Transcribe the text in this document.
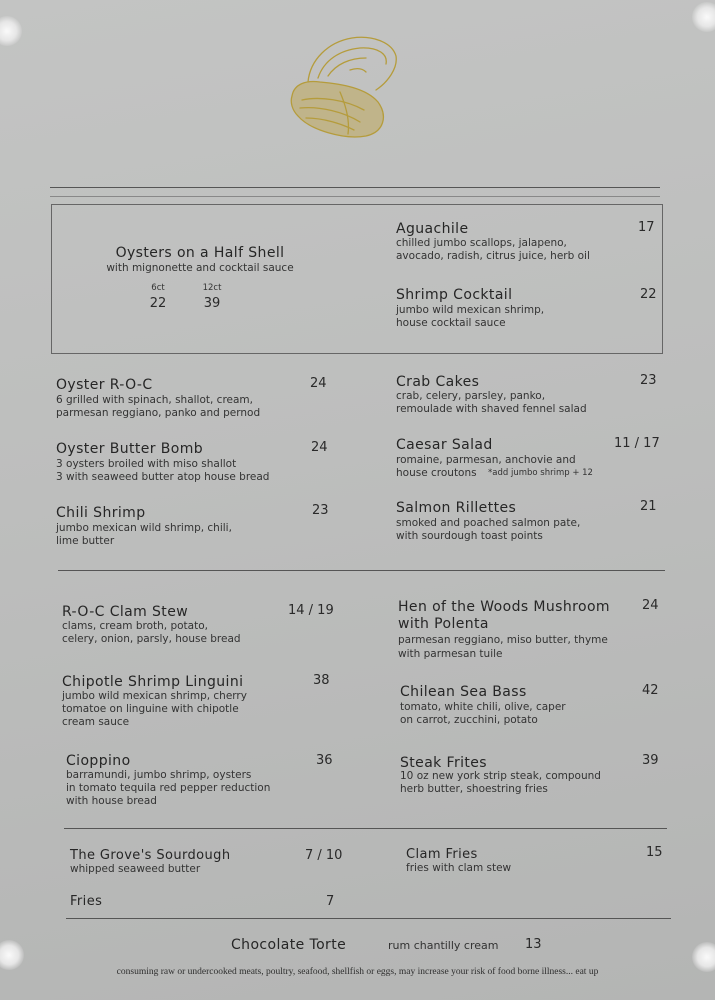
Oysters on a Half Shell
with mignonette and cocktail sauce
6ct	12ct
22	39
Aguachile	17
chilled jumbo scallops, jalapeno,
avocado, radish, citrus juice, herb oil
Shrimp Cocktail	22
jumbo wild mexican shrimp,
house cocktail sauce
Oyster R-O-C	24
6 grilled with spinach, shallot, cream,
parmesan reggiano, panko and pernod
Oyster Butter Bomb	24
3 oysters broiled with miso shallot
3 with seaweed butter atop house bread
Chili Shrimp	23
jumbo mexican wild shrimp, chili,
lime butter
Crab Cakes	23
crab, celery, parsley, panko,
remoulade with shaved fennel salad
Caesar Salad	11 / 17
romaine, parmesan, anchovie and
house croutons *add jumbo shrimp + 12
Salmon Rillettes	21
smoked and poached salmon pate,
with sourdough toast points
R-O-C Clam Stew	14 / 19
clams, cream broth, potato,
celery, onion, parsly, house bread
Chipotle Shrimp Linguini	38
jumbo wild mexican shrimp, cherry
tomatoe on linguine with chipotle
cream sauce
Cioppino	36
barramundi, jumbo shrimp, oysters
in tomato tequila red pepper reduction
with house bread
Hen of the Woods Mushroom
with Polenta
24
parmesan reggiano, miso butter, thyme
with parmesan tuile
Chilean Sea Bass	42
tomato, white chili, olive, caper
on carrot, zucchini, potato
Steak Frites	39
10 oz new york strip steak, compound
herb butter, shoestring fries
The Grove's Sourdough	7 / 10
whipped seaweed butter
Fries	7
Clam Fries	15
fries with clam stew
Chocolate Torte	rum chantilly cream 13
consuming raw or undercooked meats, poultry, seafood, shellfish or eggs, may increase your risk of food borne illness... eat up
